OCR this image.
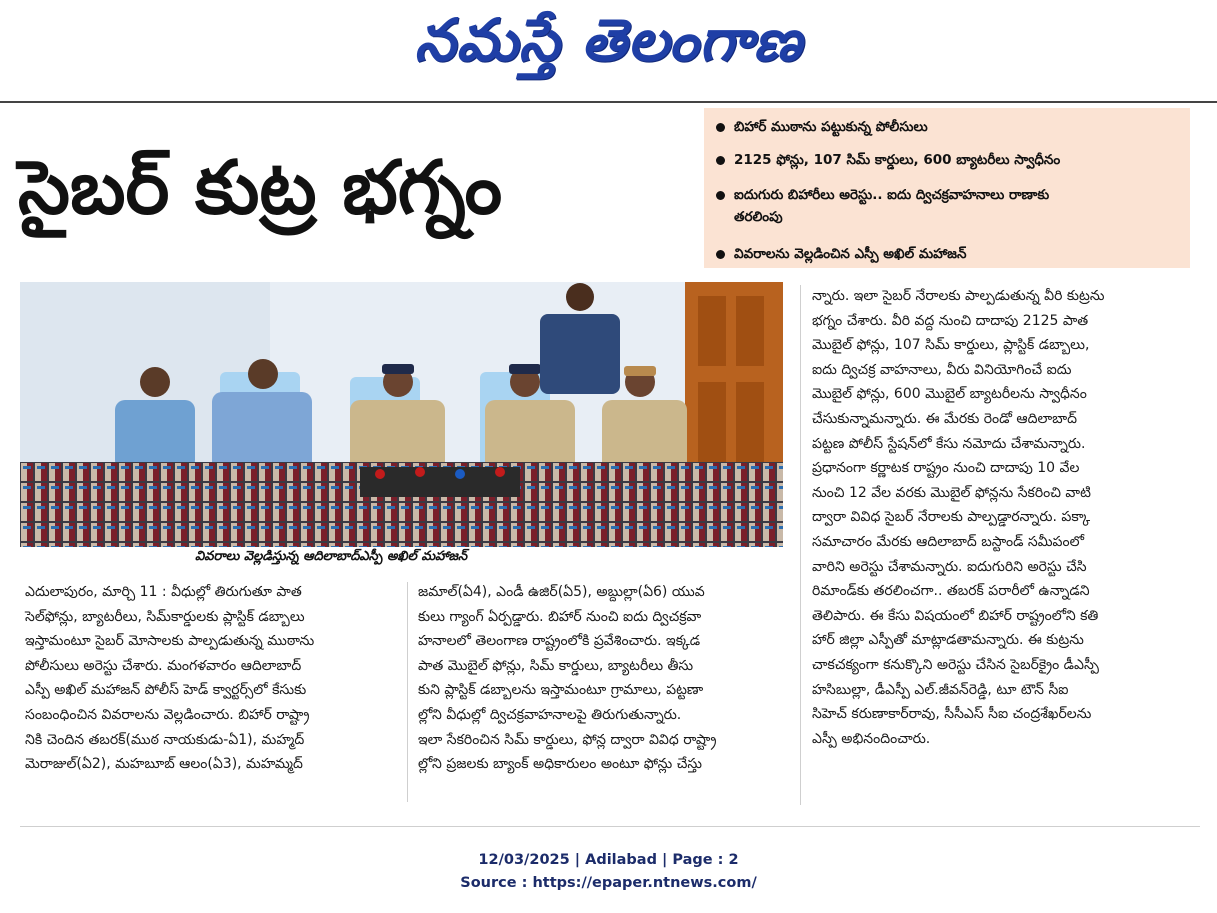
నమస్తే తెలంగాణ
సైబర్ కుట్ర భగ్నం
బిహార్ ముఠాను పట్టుకున్న పోలీసులు
2125 ఫోన్లు, 107 సిమ్ కార్డులు, 600 బ్యాటరీలు స్వాధీనం
ఐదుగురు బిహారీలు అరెస్టు.. ఐదు ద్విచక్రవాహనాలు రాణాకు
తరలింపు
వివరాలను వెల్లడించిన ఎస్పీ అఖిల్ మహాజన్
వివరాలు వెల్లడిస్తున్న ఆదిలాబాద్ఎస్పీ అఖిల్ మహాజన్

ఎదులాపురం, మార్చి 11 : వీధుల్లో తిరుగుతూ పాత

సెల్‌ఫోన్లు, బ్యాటరీలు, సిమ్‌కార్డులకు ప్లాస్టిక్ డబ్బాలు

ఇస్తామంటూ సైబర్ మోసాలకు పాల్పడుతున్న ముఠాను

పోలీసులు అరెస్టు చేశారు. మంగళవారం ఆదిలాబాద్

ఎస్పీ అఖిల్ మహాజన్ పోలీస్ హెడ్ క్వార్టర్స్‌లో కేసుకు

సంబంధించిన వివరాలను వెల్లడించారు. బిహార్ రాష్ట్రా

నికి చెందిన తబరక్(ముఠ నాయకుడు-ఏ1), మహ్మద్

మెరాజుల్(ఏ2), మహబూబ్ ఆలం(ఏ3), మహమ్మద్

జమాల్(ఏ4), ఎండీ ఉజిర్(ఏ5), అబ్దుల్లా(ఏ6) యువ

కులు గ్యాంగ్ ఏర్పడ్డారు. బిహార్ నుంచి ఐదు ద్విచక్రవా

హనాలలో తెలంగాణ రాష్ట్రంలోకి ప్రవేశించారు. ఇక్కడ

పాత మొబైల్ ఫోన్లు, సిమ్ కార్డులు, బ్యాటరీలు తీసు

కుని ప్లాస్టిక్ డబ్బాలను ఇస్తామంటూ గ్రామాలు, పట్టణా

ల్లోని వీధుల్లో ద్విచక్రవాహనాలపై తిరుగుతున్నారు.

ఇలా సేకరించిన సిమ్ కార్డులు, ఫోన్ల ద్వారా వివిధ రాష్ట్రా

ల్లోని ప్రజలకు బ్యాంక్ అధికారులం అంటూ ఫోన్లు చేస్తు

న్నారు. ఇలా సైబర్ నేరాలకు పాల్పడుతున్న వీరి కుట్రను

భగ్నం చేశారు. వీరి వద్ద నుంచి దాదాపు 2125 పాత

మొబైల్ ఫోన్లు, 107 సిమ్ కార్డులు, ప్లాస్టిక్ డబ్బాలు,

ఐదు ద్విచక్ర వాహనాలు, వీరు వినియోగించే ఐదు

మొబైల్ ఫోన్లు, 600 మొబైల్ బ్యాటరీలను స్వాధీనం

చేసుకున్నామన్నారు. ఈ మేరకు రెండో ఆదిలాబాద్

పట్టణ పోలీస్ స్టేషన్‌లో కేసు నమోదు చేశామన్నారు.

ప్రధానంగా కర్ణాటక రాష్ట్రం నుంచి దాదాపు 10 వేల

నుంచి 12 వేల వరకు మొబైల్ ఫోన్లను సేకరించి వాటి

ద్వారా వివిధ సైబర్ నేరాలకు పాల్పడ్డారన్నారు. పక్కా

సమాచారం మేరకు ఆదిలాబాద్ బస్టాండ్ సమీపంలో

వారిని అరెస్టు చేశామన్నారు. ఐదుగురిని అరెస్టు చేసి

రిమాండ్‌కు తరలించగా.. తబరక్ పరారీలో ఉన్నాడని

తెలిపారు. ఈ కేసు విషయంలో బిహార్ రాష్ట్రంలోని కతి

హార్ జిల్లా ఎస్పీతో మాట్లాడతామన్నారు. ఈ కుట్రను

చాకచక్యంగా కనుక్కొని అరెస్టు చేసిన సైబర్‌క్రైం డీఎస్పీ

హసిబుల్లా, డీఎస్పీ ఎల్.జీవన్‌రెడ్డి, టూ టౌన్ సీఐ

సిహెచ్ కరుణాకార్‌రావు, సీసీఎస్ సీఐ చంద్రశేఖర్‌లను

ఎస్పీ అభినందించారు.

12/03/2025 | Adilabad | Page : 2
Source : https://epaper.ntnews.com/
